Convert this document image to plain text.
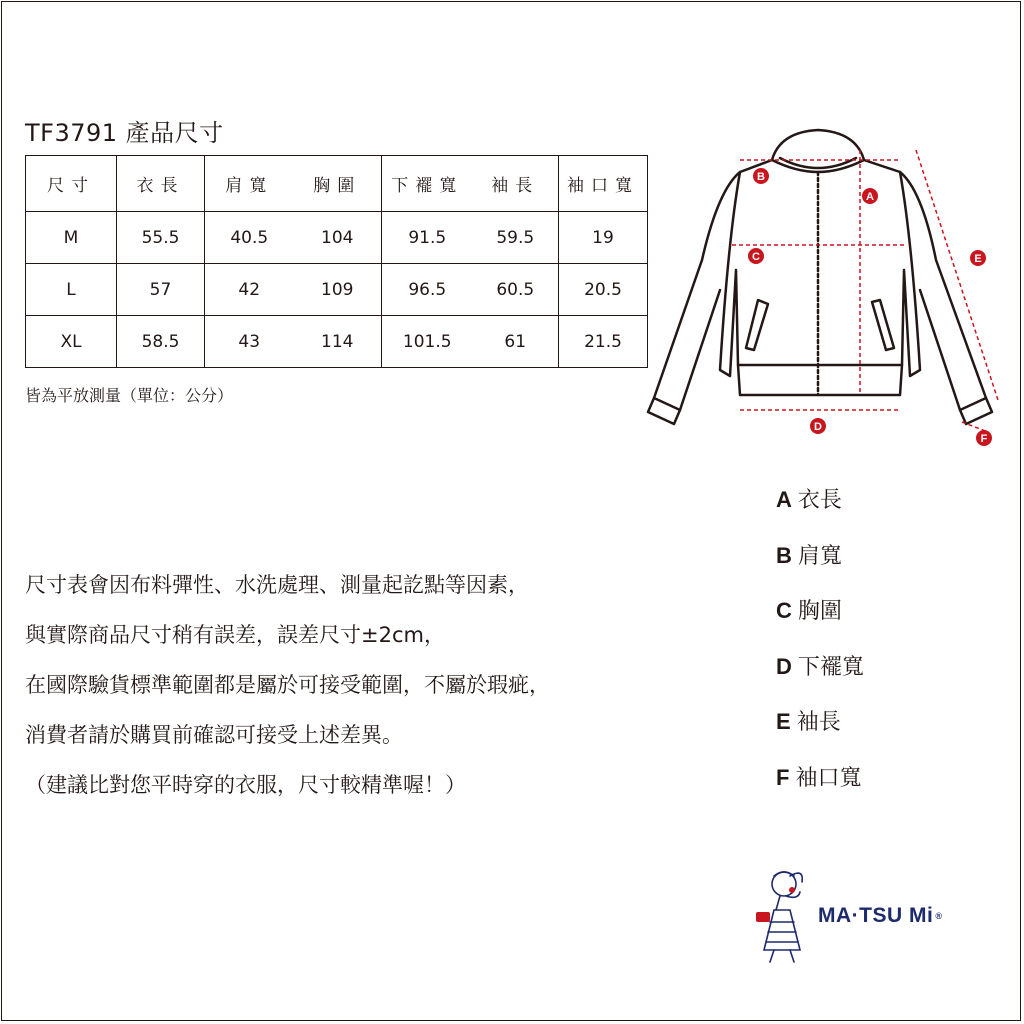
TF3791 產品尺寸
尺寸	衣長	肩寬	胸圍	下襬寬	袖長	袖口寬
M	55.5	40.5	104	91.5	59.5	19
L	57	42	109	96.5	60.5	20.5
XL	58.5	43	114	101.5	61	21.5
皆為平放測量（單位：公分）
A
B
C
D
E
F
A 衣長
B 肩寬
C 胸圍
D 下襬寬
E 袖長
F 袖口寬
尺寸表會因布料彈性、水洗處理、測量起訖點等因素，
與實際商品尺寸稍有誤差，誤差尺寸±2cm，
在國際驗貨標準範圍都是屬於可接受範圍，不屬於瑕疵，
消費者請於購買前確認可接受上述差異。
（建議比對您平時穿的衣服，尺寸較精準喔！）
MA·TSU Mi ®
